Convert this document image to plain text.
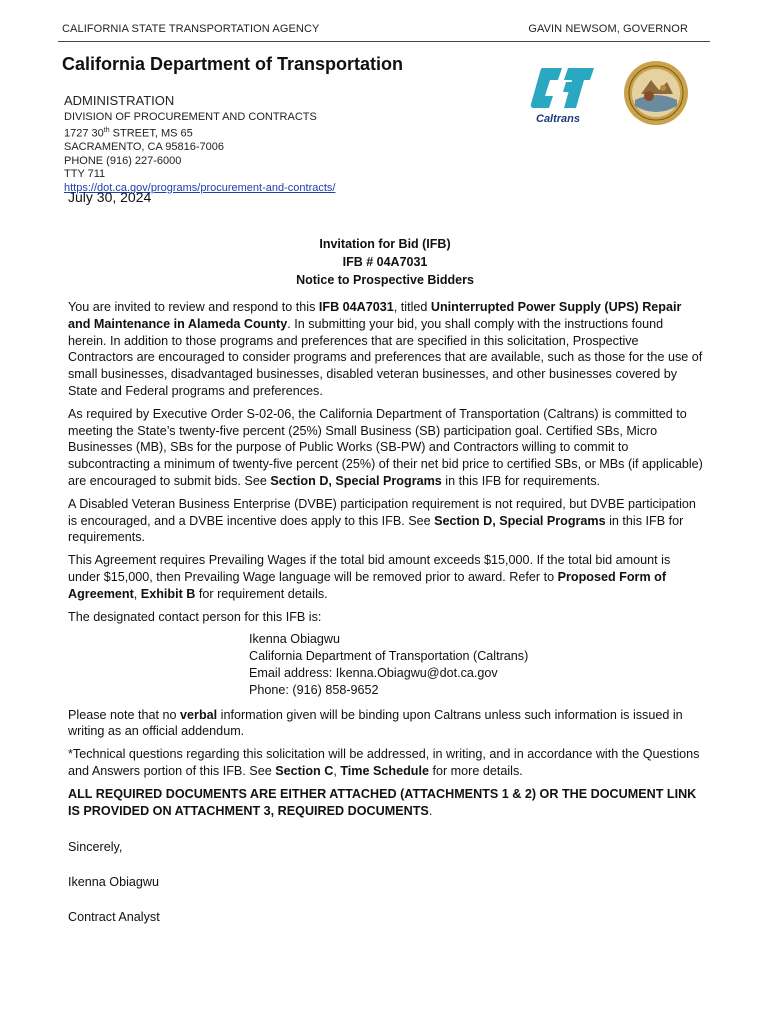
CALIFORNIA STATE TRANSPORTATION AGENCY	GAVIN NEWSOM, GOVERNOR
California Department of Transportation
ADMINISTRATION
DIVISION OF PROCUREMENT AND CONTRACTS
1727 30th STREET, MS 65
SACRAMENTO, CA 95816-7006
PHONE (916) 227-6000
TTY 711
https://dot.ca.gov/programs/procurement-and-contracts/
Caltrans
July 30, 2024
Invitation for Bid (IFB)
IFB # 04A7031
Notice to Prospective Bidders

You are invited to review and respond to this IFB 04A7031, titled Uninterrupted Power Supply (UPS) Repair and Maintenance in Alameda County. In submitting your bid, you shall comply with the instructions found herein. In addition to those programs and preferences that are specified in this solicitation, Prospective Contractors are encouraged to consider programs and preferences that are available, such as those for the use of small businesses, disadvantaged businesses, disabled veteran businesses, and other businesses covered by State and Federal programs and preferences.

As required by Executive Order S-02-06, the California Department of Transportation (Caltrans) is committed to meeting the State’s twenty-five percent (25%) Small Business (SB) participation goal. Certified SBs, Micro Businesses (MB), SBs for the purpose of Public Works (SB-PW) and Contractors willing to commit to subcontracting a minimum of twenty-five percent (25%) of their net bid price to certified SBs, or MBs (if applicable) are encouraged to submit bids. See Section D, Special Programs in this IFB for requirements.

A Disabled Veteran Business Enterprise (DVBE) participation requirement is not required, but DVBE participation is encouraged, and a DVBE incentive does apply to this IFB. See Section D, Special Programs in this IFB for requirements.

This Agreement requires Prevailing Wages if the total bid amount exceeds $15,000. If the total bid amount is under $15,000, then Prevailing Wage language will be removed prior to award. Refer to Proposed Form of Agreement, Exhibit B for requirement details.

The designated contact person for this IFB is:

Ikenna Obiagwu
California Department of Transportation (Caltrans)
Email address: Ikenna.Obiagwu@dot.ca.gov
Phone: (916) 858-9652

Please note that no verbal information given will be binding upon Caltrans unless such information is issued in writing as an official addendum.

*Technical questions regarding this solicitation will be addressed, in writing, and in accordance with the Questions and Answers portion of this IFB. See Section C, Time Schedule for more details.

ALL REQUIRED DOCUMENTS ARE EITHER ATTACHED (ATTACHMENTS 1 & 2) OR THE DOCUMENT LINK IS PROVIDED ON ATTACHMENT 3, REQUIRED DOCUMENTS.

Sincerely,

Ikenna Obiagwu

Contract Analyst
